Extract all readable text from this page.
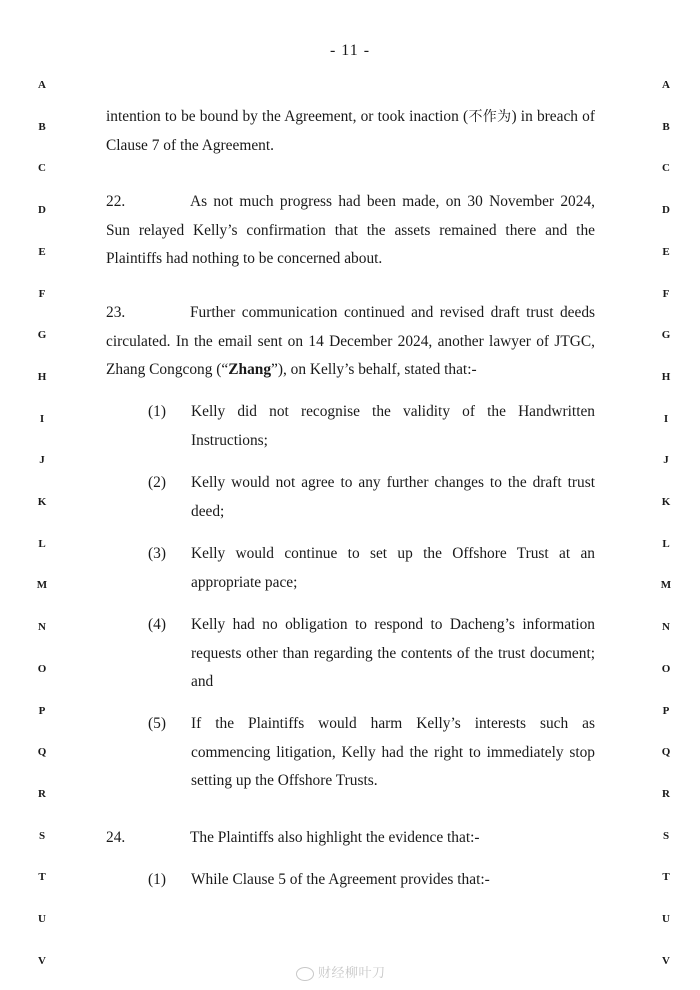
- 11 -
A
B
C
D
E
F
G
H
I
J
K
L
M
N
O
P
Q
R
S
T
U
V
A
B
C
D
E
F
G
H
I
J
K
L
M
N
O
P
Q
R
S
T
U
V
intention to be bound by the Agreement, or took inaction (不作为) in breach of Clause 7 of the Agreement.
22.	As not much progress had been made, on 30 November 2024, Sun relayed Kelly’s confirmation that the assets remained there and the Plaintiffs had nothing to be concerned about.
23.	Further communication continued and revised draft trust deeds circulated. In the email sent on 14 December 2024, another lawyer of JTGC, Zhang Congcong (“Zhang”), on Kelly’s behalf, stated that:-
(1)	Kelly did not recognise the validity of the Handwritten Instructions;
(2)	Kelly would not agree to any further changes to the draft trust deed;
(3)	Kelly would continue to set up the Offshore Trust at an appropriate pace;
(4)	Kelly had no obligation to respond to Dacheng’s information requests other than regarding the contents of the trust document; and
(5)	If the Plaintiffs would harm Kelly’s interests such as commencing litigation, Kelly had the right to immediately stop setting up the Offshore Trusts.
24.	The Plaintiffs also highlight the evidence that:-
(1)	While Clause 5 of the Agreement provides that:-
财经柳叶刀
